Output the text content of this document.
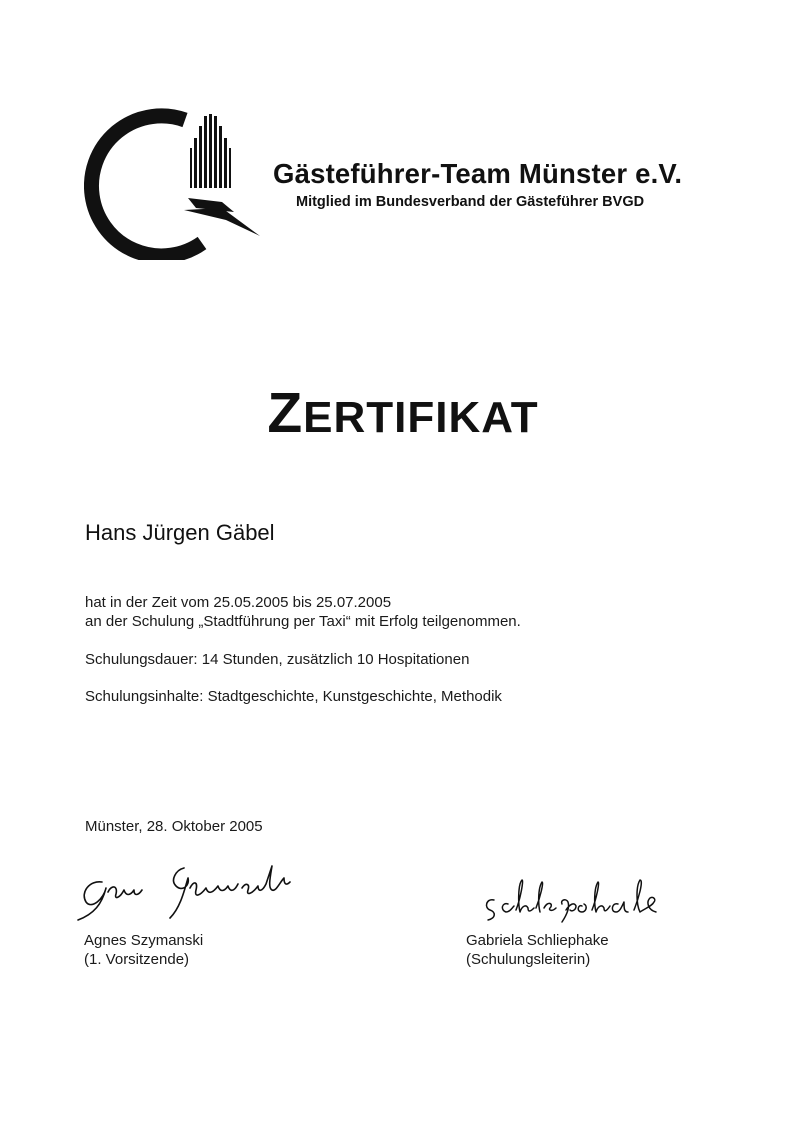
Gästeführer-Team Münster e.V.
Mitglied im Bundesverband der Gästeführer BVGD
ZERTIFIKAT
Hans Jürgen Gäbel
hat in der Zeit vom 25.05.2005 bis 25.07.2005
an der Schulung „Stadtführung per Taxi“ mit Erfolg teilgenommen.
Schulungsdauer: 14 Stunden, zusätzlich 10 Hospitationen
Schulungsinhalte: Stadtgeschichte, Kunstgeschichte, Methodik
Münster, 28. Oktober 2005
Agnes Szymanski
(1. Vorsitzende)
Gabriela Schliephake
(Schulungsleiterin)
